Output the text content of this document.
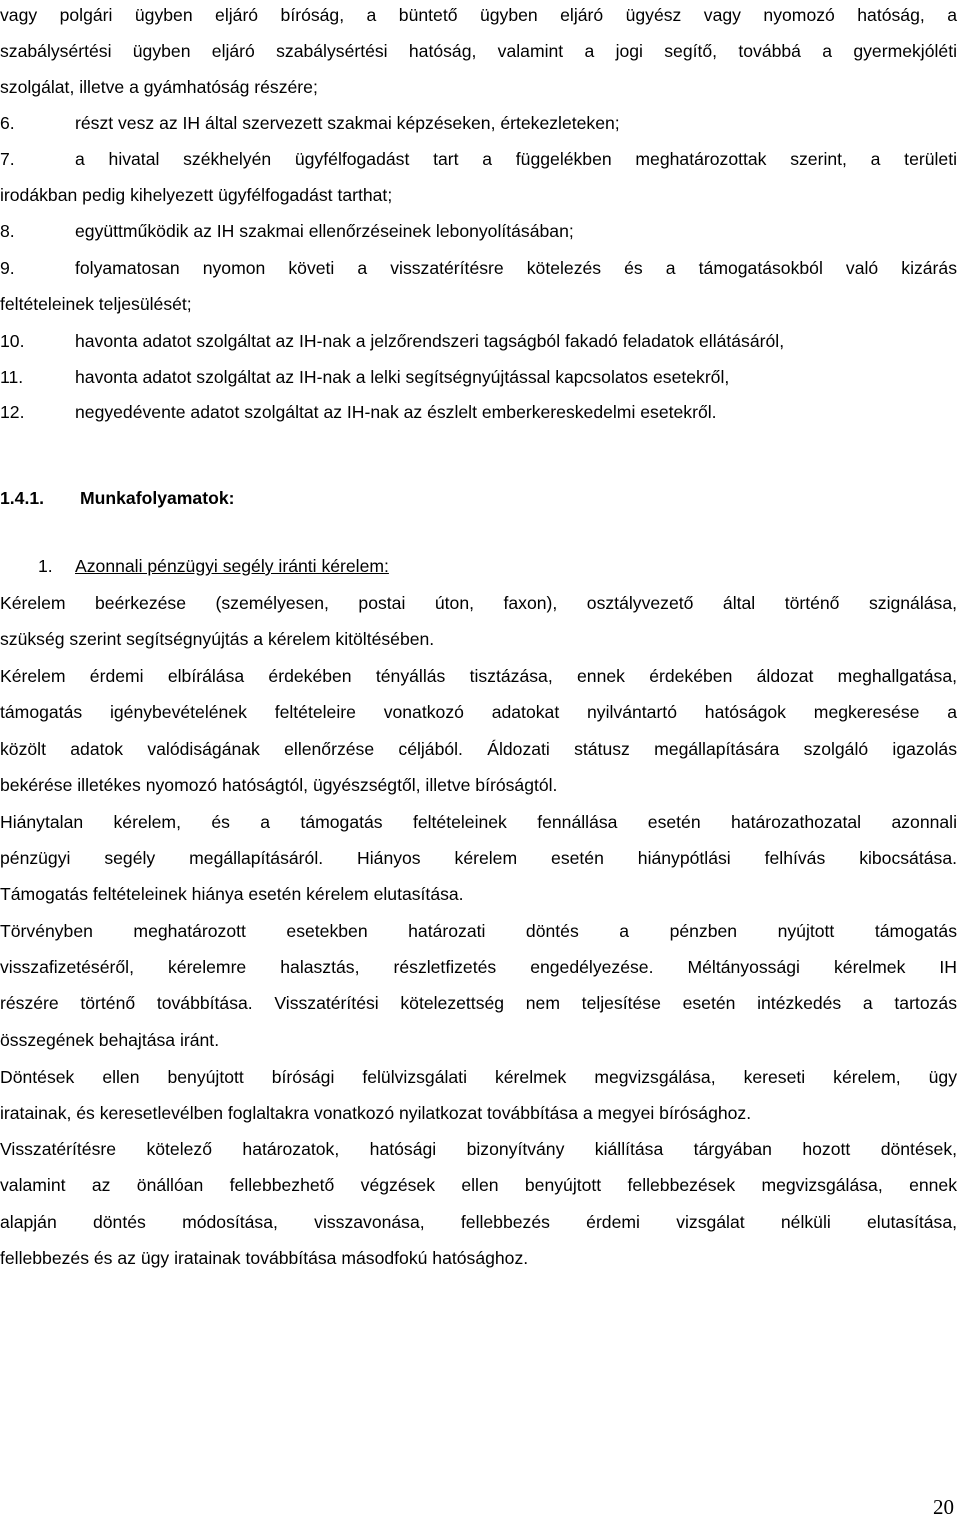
vagy polgári ügyben eljáró bíróság, a büntető ügyben eljáró ügyész vagy nyomozó hatóság, a
szabálysértési ügyben eljáró szabálysértési hatóság, valamint a jogi segítő, továbbá a gyermekjóléti
szolgálat, illetve a gyámhatóság részére;
6.	részt vesz az IH által szervezett szakmai képzéseken, értekezleteken;
7.	a hivatal székhelyén ügyfélfogadást tart a függelékben meghatározottak szerint, a területi
irodákban pedig kihelyezett ügyfélfogadást tarthat;
8.	együttműködik az IH szakmai ellenőrzéseinek lebonyolításában;
9.	folyamatosan nyomon követi a visszatérítésre kötelezés és a támogatásokból való kizárás
feltételeinek teljesülését;
10.	havonta adatot szolgáltat az IH-nak a jelzőrendszeri tagságból fakadó feladatok ellátásáról,
11.	havonta adatot szolgáltat az IH-nak a lelki segítségnyújtással kapcsolatos esetekről,
12.	negyedévente adatot szolgáltat az IH-nak az észlelt emberkereskedelmi esetekről.
1.4.1. Munkafolyamatok:
1. Azonnali pénzügyi segély iránti kérelem:
Kérelem beérkezése (személyesen, postai úton, faxon), osztályvezető által történő szignálása,
szükség szerint segítségnyújtás a kérelem kitöltésében.
Kérelem érdemi elbírálása érdekében tényállás tisztázása, ennek érdekében áldozat meghallgatása,
támogatás igénybevételének feltételeire vonatkozó adatokat nyilvántartó hatóságok megkeresése a
közölt adatok valódiságának ellenőrzése céljából. Áldozati státusz megállapítására szolgáló igazolás
bekérése illetékes nyomozó hatóságtól, ügyészségtől, illetve bíróságtól.
Hiánytalan kérelem, és a támogatás feltételeinek fennállása esetén határozathozatal azonnali
pénzügyi segély megállapításáról. Hiányos kérelem esetén hiánypótlási felhívás kibocsátása.
Támogatás feltételeinek hiánya esetén kérelem elutasítása.
Törvényben meghatározott esetekben határozati döntés a pénzben nyújtott támogatás
visszafizetéséről, kérelemre halasztás, részletfizetés engedélyezése. Méltányossági kérelmek IH
részére történő továbbítása. Visszatérítési kötelezettség nem teljesítése esetén intézkedés a tartozás
összegének behajtása iránt.
Döntések ellen benyújtott bírósági felülvizsgálati kérelmek megvizsgálása, kereseti kérelem, ügy
iratainak, és keresetlevélben foglaltakra vonatkozó nyilatkozat továbbítása a megyei bírósághoz.
Visszatérítésre kötelező határozatok, hatósági bizonyítvány kiállítása tárgyában hozott döntések,
valamint az önállóan fellebbezhető végzések ellen benyújtott fellebbezések megvizsgálása, ennek
alapján döntés módosítása, visszavonása, fellebbezés érdemi vizsgálat nélküli elutasítása,
fellebbezés és az ügy iratainak továbbítása másodfokú hatósághoz.
20
